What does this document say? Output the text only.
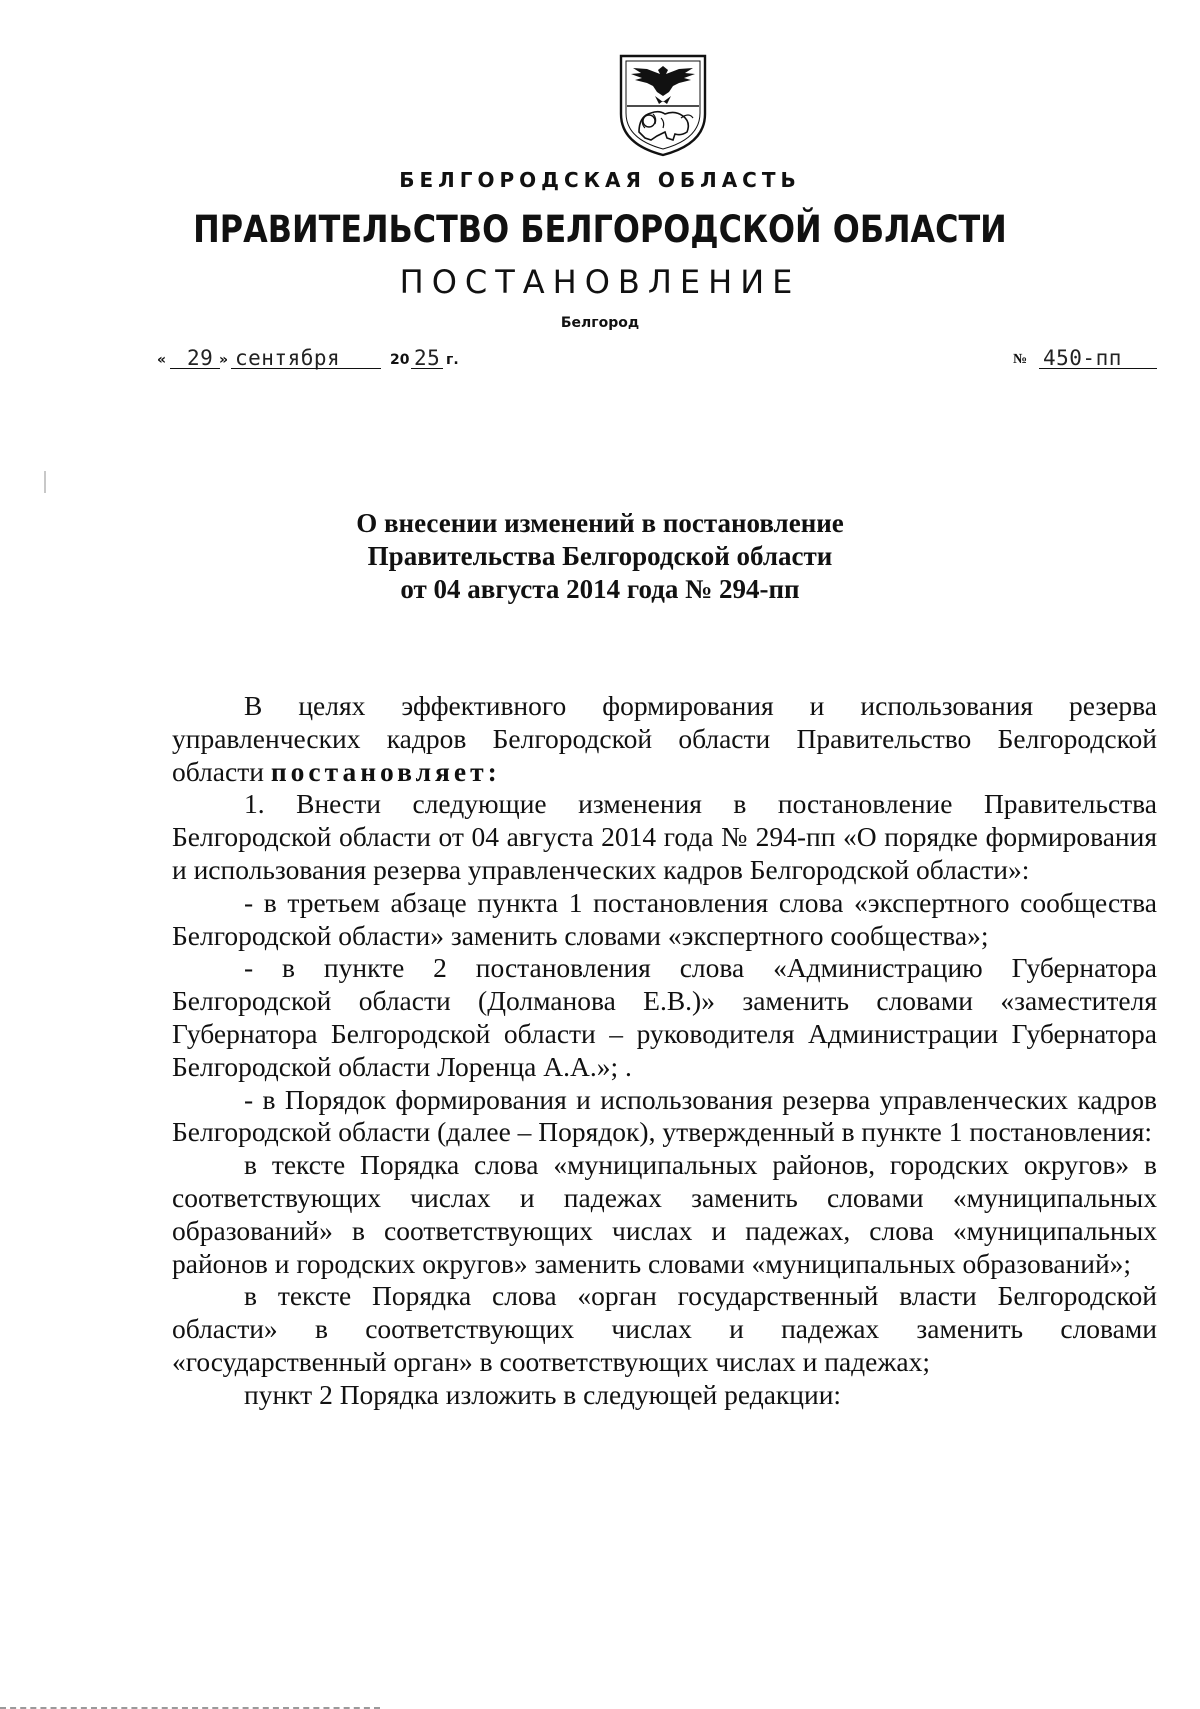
БЕЛГОРОДСКАЯ ОБЛАСТЬ
ПРАВИТЕЛЬСТВО БЕЛГОРОДСКОЙ ОБЛАСТИ
ПОСТАНОВЛЕНИЕ
Белгород
« 29 » сентября	20 25 г.	№ 450-пп
О внесении изменений в постановление
Правительства Белгородской области
от 04 августа 2014 года № 294-пп

В целях эффективного формирования и использования резерва управленческих кадров Белгородской области Правительство Белгородской области постановляет:

1. Внести следующие изменения в постановление Правительства Белгородской области от 04 августа 2014 года № 294-пп «О порядке формирования и использования резерва управленческих кадров Белгородской области»:

- в третьем абзаце пункта 1 постановления слова «экспертного сообщества Белгородской области» заменить словами «экспертного сообщества»;

- в пункте 2 постановления слова «Администрацию Губернатора Белгородской области (Долманова Е.В.)» заменить словами «заместителя Губернатора Белгородской области – руководителя Администрации Губернатора Белгородской области Лоренца А.А.»; .

- в Порядок формирования и использования резерва управленческих кадров Белгородской области (далее – Порядок), утвержденный в пункте 1 постановления:

в тексте Порядка слова «муниципальных районов, городских округов» в соответствующих числах и падежах заменить словами «муниципальных образований» в соответствующих числах и падежах, слова «муниципальных районов и городских округов» заменить словами «муниципальных образований»;

в тексте Порядка слова «орган государственный власти Белгородской области» в соответствующих числах и падежах заменить словами «государственный орган» в соответствующих числах и падежах;

пункт 2 Порядка изложить в следующей редакции:
